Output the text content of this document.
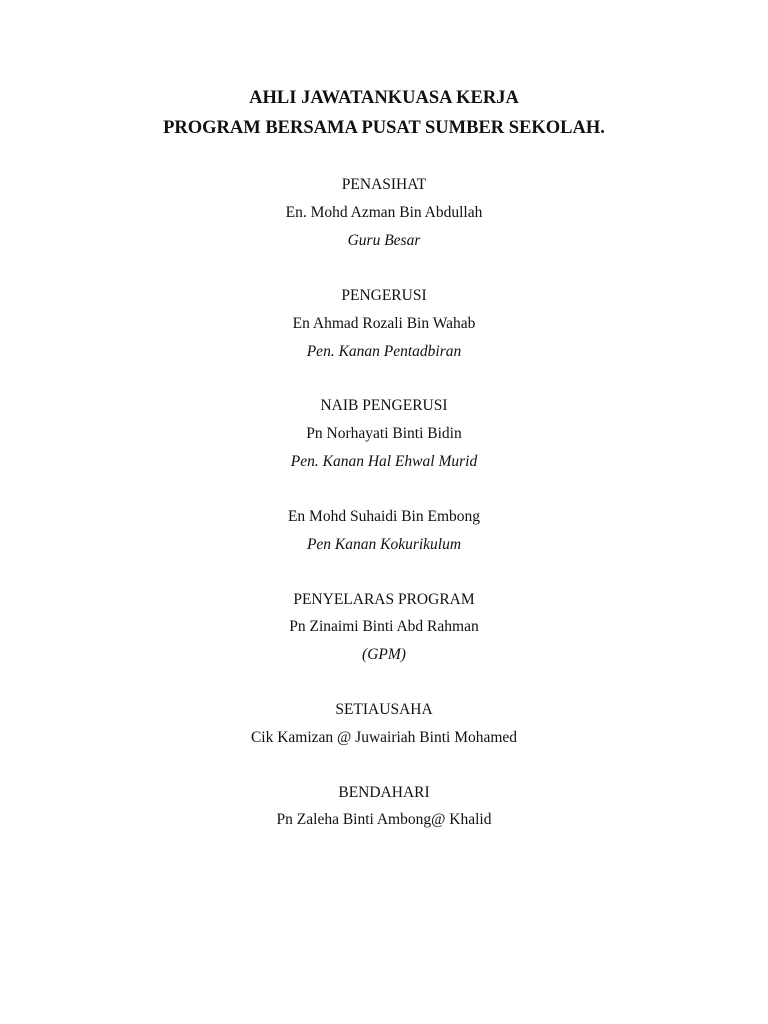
AHLI JAWATANKUASA KERJA
PROGRAM BERSAMA PUSAT SUMBER SEKOLAH.
PENASIHAT
En. Mohd Azman Bin Abdullah
Guru Besar
PENGERUSI
En Ahmad Rozali Bin Wahab
Pen. Kanan Pentadbiran
NAIB PENGERUSI
Pn Norhayati Binti Bidin
Pen. Kanan Hal Ehwal Murid
En Mohd Suhaidi Bin Embong
Pen Kanan Kokurikulum
PENYELARAS PROGRAM
Pn Zinaimi Binti Abd Rahman
(GPM)
SETIAUSAHA
Cik Kamizan @ Juwairiah Binti Mohamed
BENDAHARI
Pn Zaleha Binti Ambong@ Khalid
